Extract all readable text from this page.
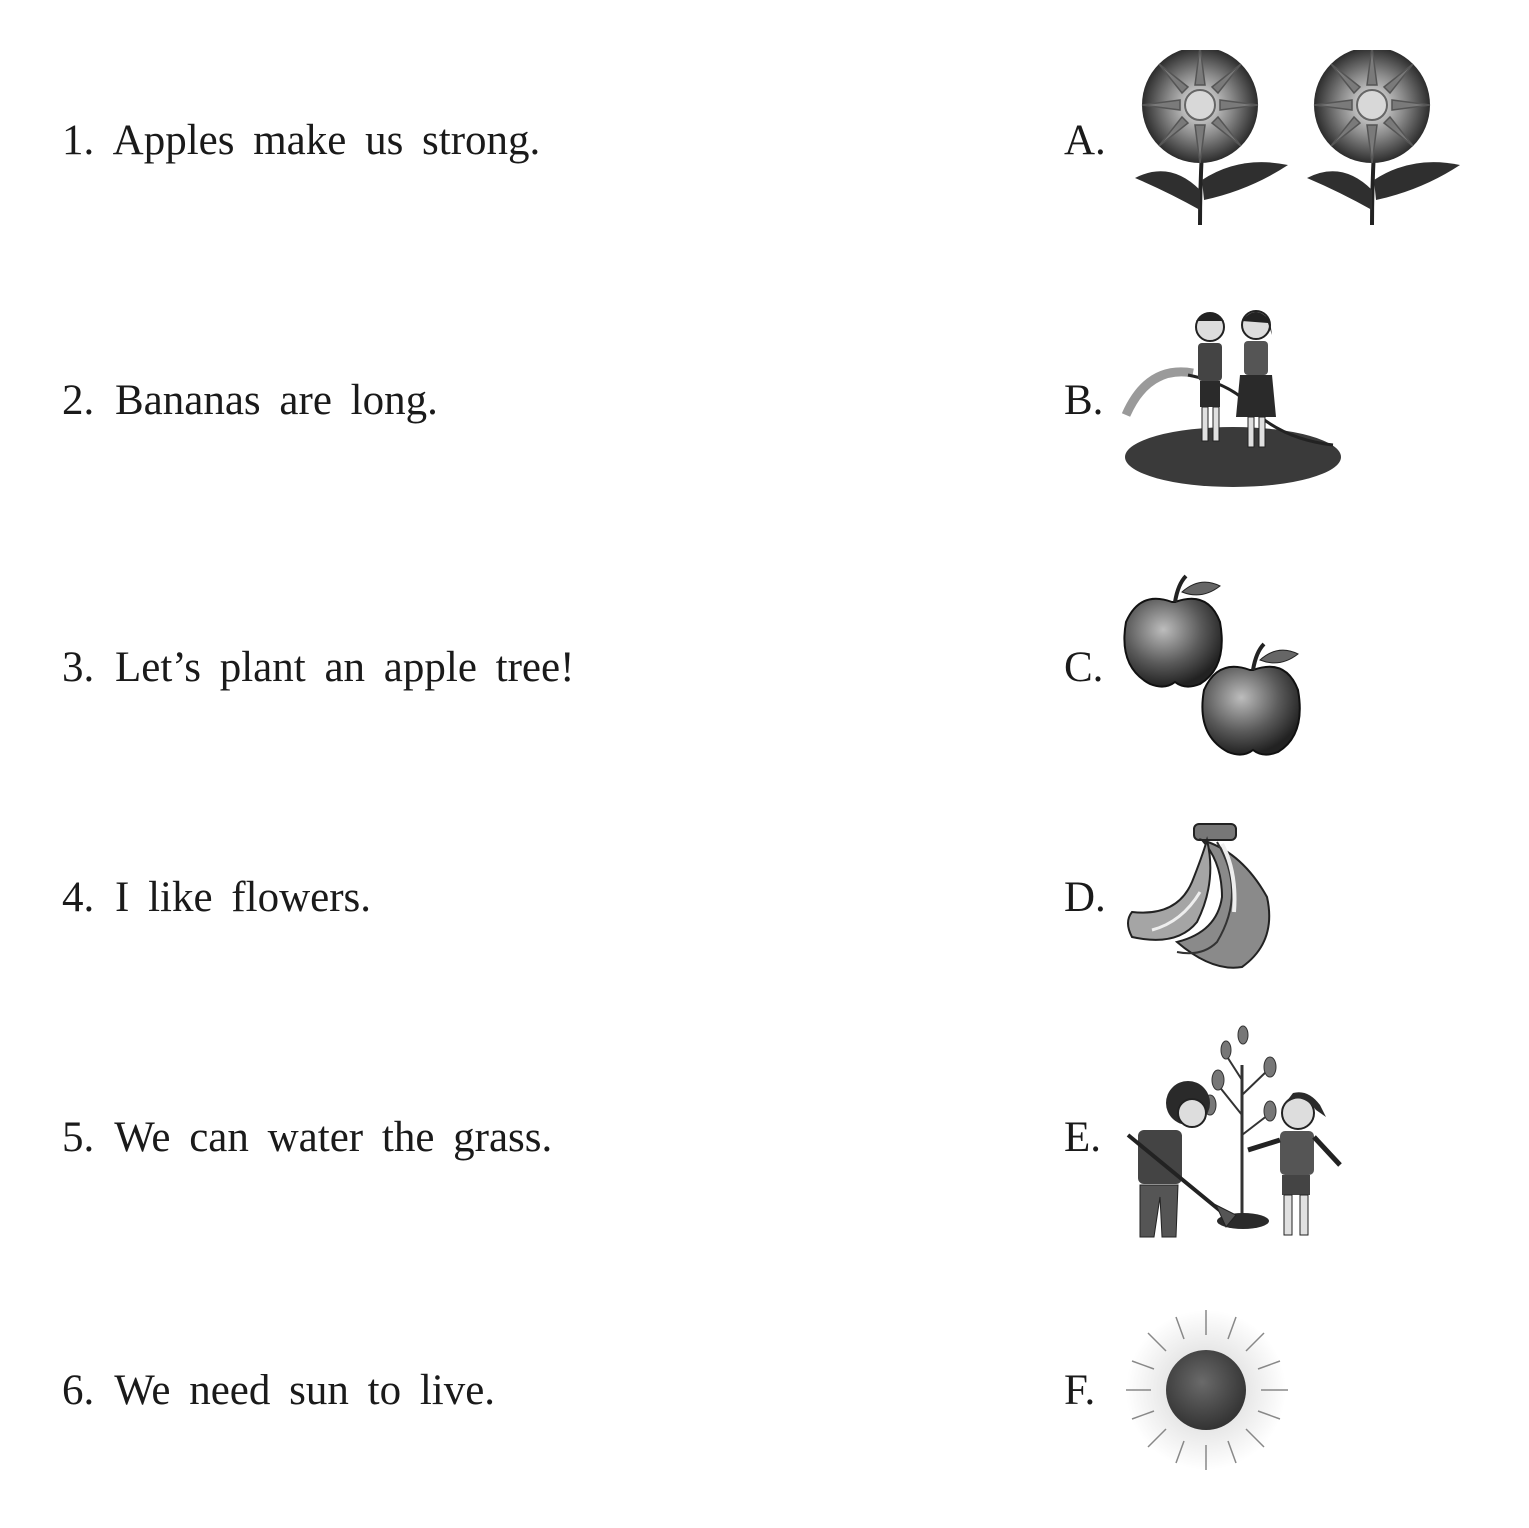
1. Apples make us strong.
2. Bananas are long.
3. Let’s plant an apple tree!
4. I like flowers.
5. We can water the grass.
6. We need sun to live.
A.
B.
C.
D.
E.
F.
